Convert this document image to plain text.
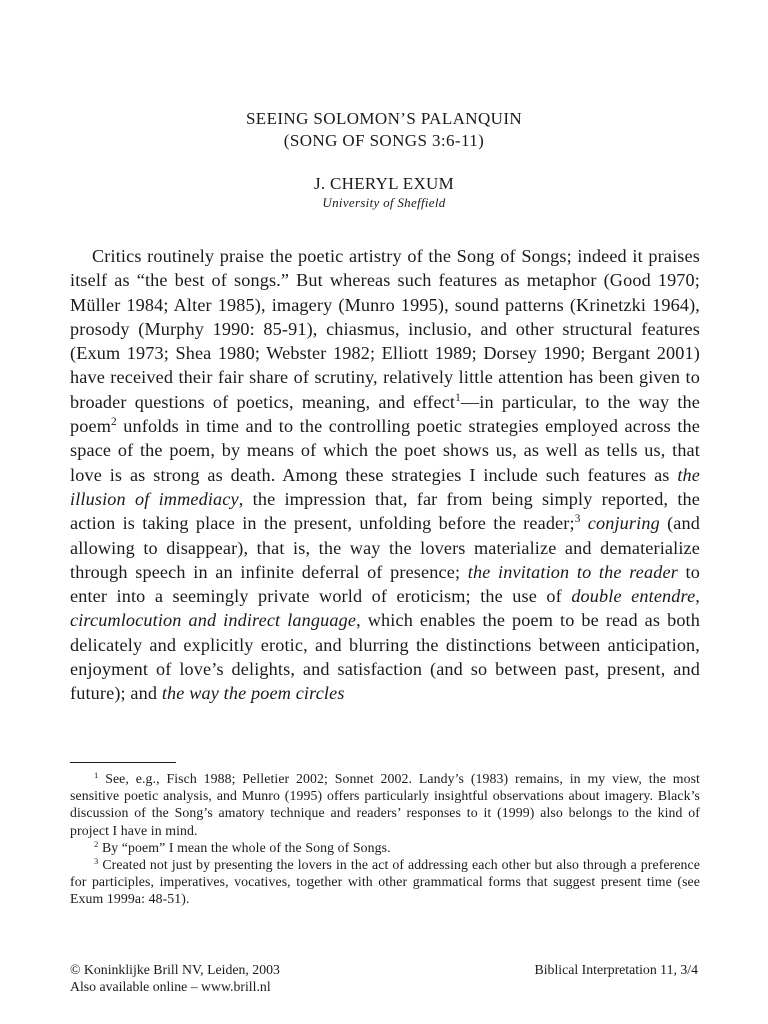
SEEING SOLOMON’S PALANQUIN
(SONG OF SONGS 3:6-11)
J. CHERYL EXUM
University of Sheffield

Critics routinely praise the poetic artistry of the Song of Songs; indeed it praises itself as “the best of songs.” But whereas such features as metaphor (Good 1970; Müller 1984; Alter 1985), imagery (Munro 1995), sound patterns (Krinetzki 1964), prosody (Murphy 1990: 85-91), chiasmus, inclusio, and other structural features (Exum 1973; Shea 1980; Webster 1982; Elliott 1989; Dorsey 1990; Bergant 2001) have received their fair share of scrutiny, relatively little attention has been given to broader questions of poetics, meaning, and effect$^1$—in particular, to the way the poem$^2$ unfolds in time and to the controlling poetic strategies employed across the space of the poem, by means of which the poet shows us, as well as tells us, that love is as strong as death. Among these strategies I include such features as the illusion of immediacy, the impression that, far from being simply reported, the action is taking place in the present, unfolding before the reader;$^3$ conjuring (and allowing to disappear), that is, the way the lovers materialize and dematerialize through speech in an infinite deferral of presence; the invitation to the reader to enter into a seemingly private world of eroticism; the use of double entendre, circumlocution and indirect language, which enables the poem to be read as both delicately and explicitly erotic, and blurring the distinctions between anticipation, enjoyment of love’s delights, and satisfaction (and so between past, present, and future); and the way the poem circles

$^1$ See, e.g., Fisch 1988; Pelletier 2002; Sonnet 2002. Landy’s (1983) remains, in my view, the most sensitive poetic analysis, and Munro (1995) offers particularly insightful observations about imagery. Black’s discussion of the Song’s amatory technique and readers’ responses to it (1999) also belongs to the kind of project I have in mind.

$^2$ By “poem” I mean the whole of the Song of Songs.

$^3$ Created not just by presenting the lovers in the act of addressing each other but also through a preference for participles, imperatives, vocatives, together with other grammatical forms that suggest present time (see Exum 1999a: 48-51).

© Koninklijke Brill NV, Leiden, 2003
Also available online – www.brill.nl
Biblical Interpretation 11, 3/4
